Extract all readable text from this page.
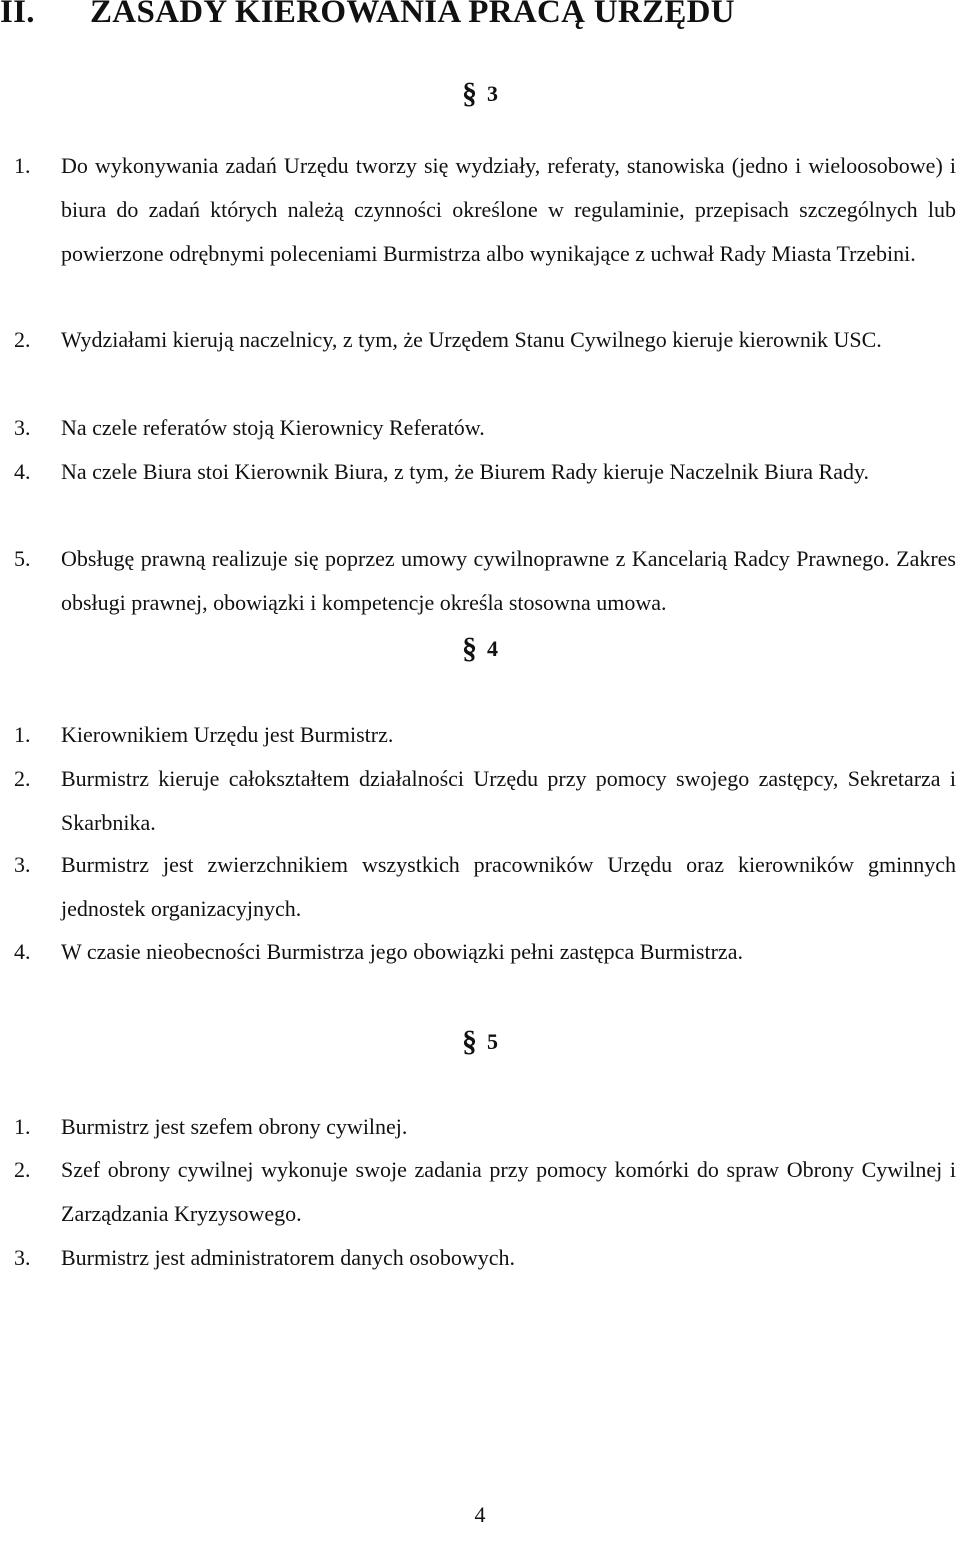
II. ZASADY KIEROWANIA PRACĄ URZĘDU
§ 3
1. Do wykonywania zadań Urzędu tworzy się wydziały, referaty, stanowiska (jedno i wieloosobowe) i biura do zadań których należą czynności określone w regulaminie, przepisach szczególnych lub powierzone odrębnymi poleceniami Burmistrza albo wynikające z uchwał Rady Miasta Trzebini.
2. Wydziałami kierują naczelnicy, z tym, że Urzędem Stanu Cywilnego kieruje kierownik USC.
3. Na czele referatów stoją Kierownicy Referatów.
4. Na czele Biura stoi Kierownik Biura, z tym, że Biurem Rady kieruje Naczelnik Biura Rady.
5. Obsługę prawną realizuje się poprzez umowy cywilnoprawne z Kancelarią Radcy Prawnego. Zakres obsługi prawnej, obowiązki i kompetencje określa stosowna umowa.
§ 4
1. Kierownikiem Urzędu jest Burmistrz.
2. Burmistrz kieruje całokształtem działalności Urzędu przy pomocy swojego zastępcy, Sekretarza i Skarbnika.
3. Burmistrz jest zwierzchnikiem wszystkich pracowników Urzędu oraz kierowników gminnych jednostek organizacyjnych.
4. W czasie nieobecności Burmistrza jego obowiązki pełni zastępca Burmistrza.
§ 5
1. Burmistrz jest szefem obrony cywilnej.
2. Szef obrony cywilnej wykonuje swoje zadania przy pomocy komórki do spraw Obrony Cywilnej i Zarządzania Kryzysowego.
3. Burmistrz jest administratorem danych osobowych.
4
